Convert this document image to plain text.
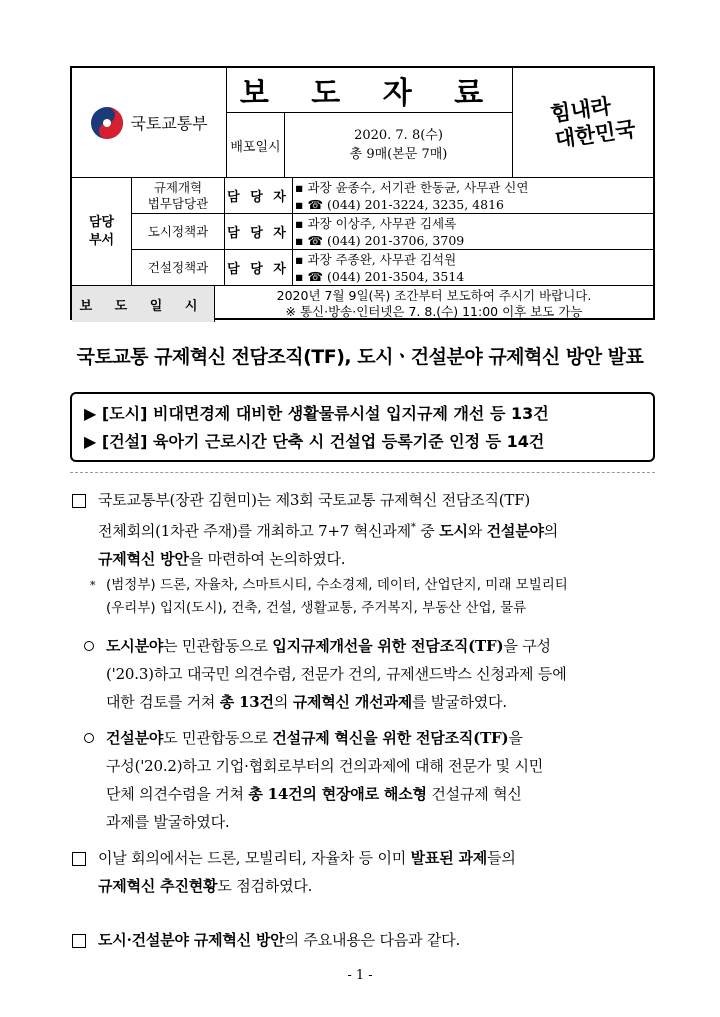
국토교통부
보 도 자 료
배포일시
2020. 7. 8(수)
총 9매(본문 7매)
힘내라
대한민국
담당
부서
규제개혁
법무담당관 담 당 자
▪ 과장 윤종수, 서기관 한동균, 사무관 신연
▪ ☎ (044) 201-3224, 3235, 4816
도시정책과	담 당 자
▪ 과장 이상주, 사무관 김세록
▪ ☎ (044) 201-3706, 3709
건설정책과	담 당 자
▪ 과장 주종완, 사무관 김석원
▪ ☎ (044) 201-3504, 3514
보 도 일 시
2020년 7월 9일(목) 조간부터 보도하여 주시기 바랍니다.
※ 통신·방송·인터넷은 7. 8.(수) 11:00 이후 보도 가능
국토교통 규제혁신 전담조직(TF), 도시ㆍ건설분야 규제혁신 방안 발표
▶ [도시] 비대면경제 대비한 생활물류시설 입지규제 개선 등 13건
▶ [건설] 육아기 근로시간 단축 시 건설업 등록기준 인정 등 14건
국토교통부(장관 김현미)는 제3회 국토교통 규제혁신 전담조직(TF)
전체회의(1차관 주재)를 개최하고 7+7 혁신과제* 중 도시와 건설분야의
규제혁신 방안을 마련하여 논의하였다.
* (범정부) 드론, 자율차, 스마트시티, 수소경제, 데이터, 산업단지, 미래 모빌리티
(우리부) 입지(도시), 건축, 건설, 생활교통, 주거복지, 부동산 산업, 물류
도시분야는 민관합동으로 입지규제개선을 위한 전담조직(TF)을 구성
('20.3)하고 대국민 의견수렴, 전문가 건의, 규제샌드박스 신청과제 등에
대한 검토를 거쳐 총 13건의 규제혁신 개선과제를 발굴하였다.
건설분야도 민관합동으로 건설규제 혁신을 위한 전담조직(TF)을
구성('20.2)하고 기업·협회로부터의 건의과제에 대해 전문가 및 시민
단체 의견수렴을 거쳐 총 14건의 현장애로 해소형 건설규제 혁신
과제를 발굴하였다.
이날 회의에서는 드론, 모빌리티, 자율차 등 이미 발표된 과제들의
규제혁신 추진현황도 점검하였다.
도시·건설분야 규제혁신 방안의 주요내용은 다음과 같다.
- 1 -
